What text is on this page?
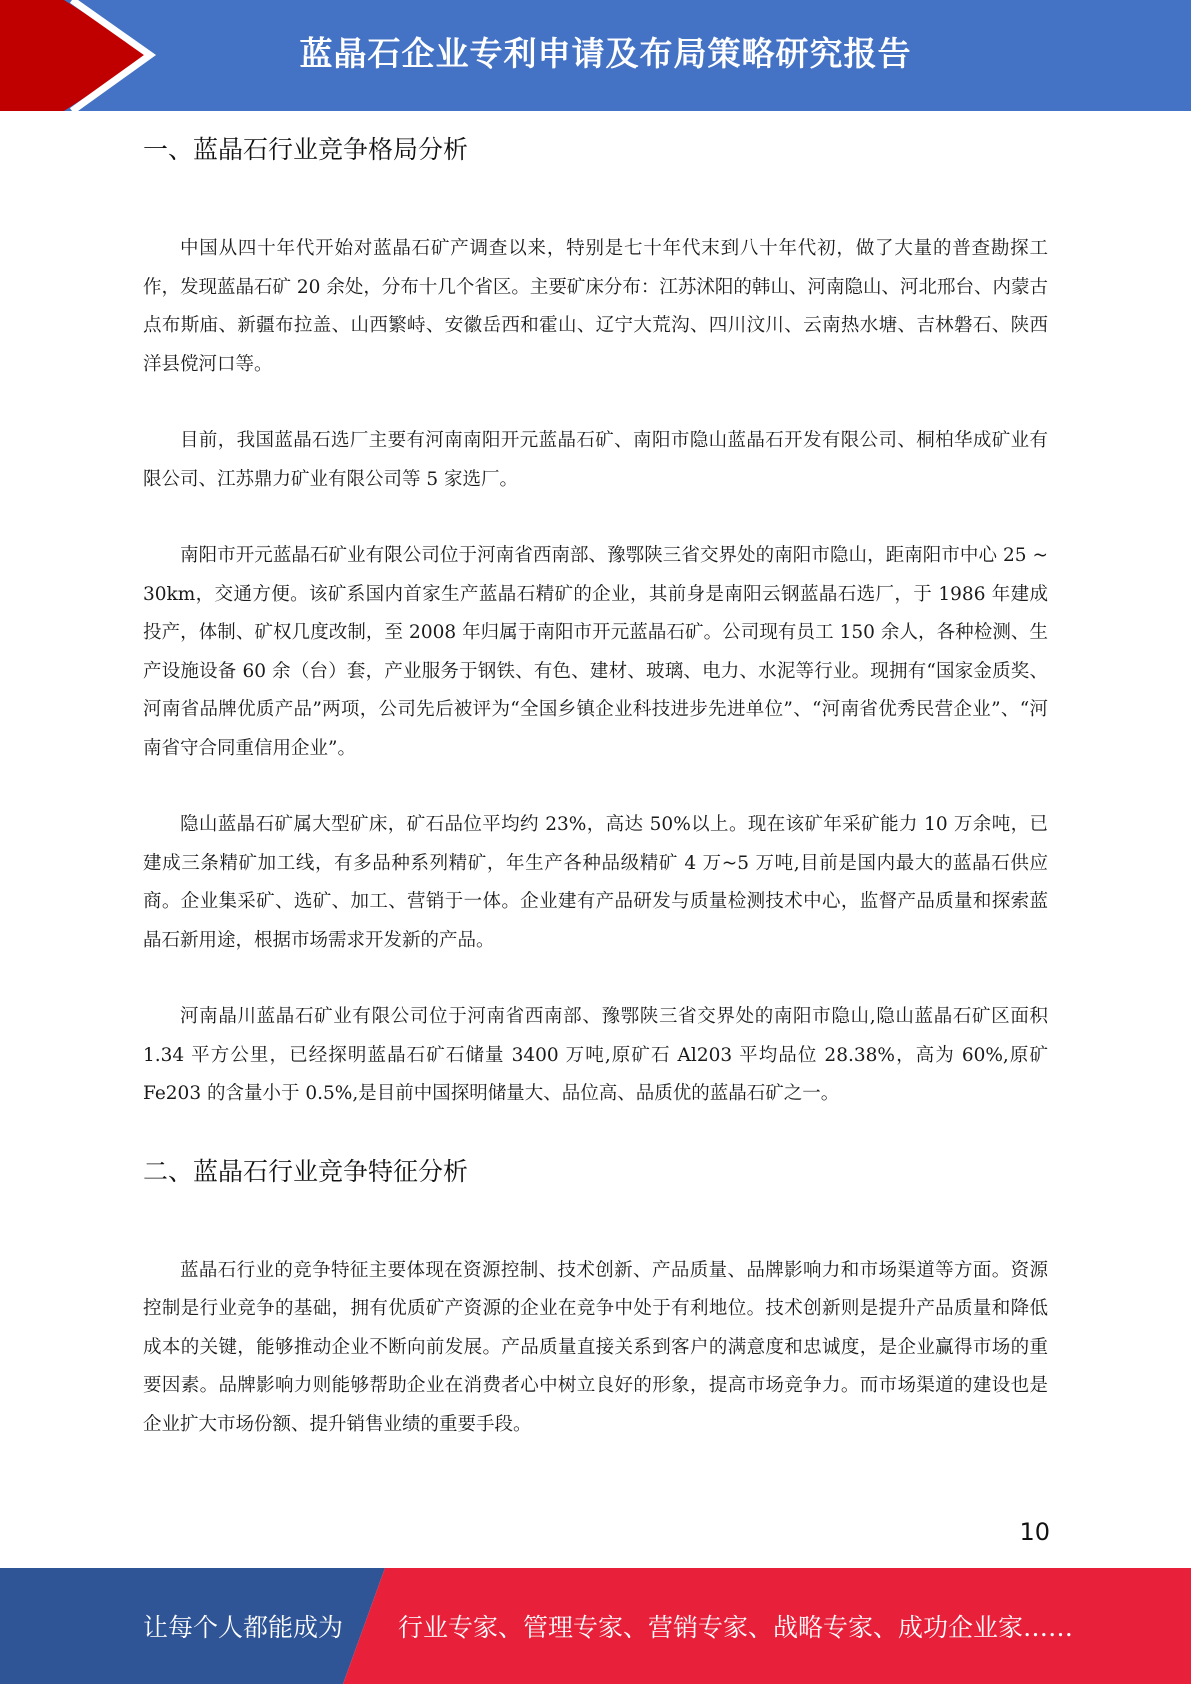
蓝晶石企业专利申请及布局策略研究报告
一、蓝晶石行业竞争格局分析

中国从四十年代开始对蓝晶石矿产调查以来，特别是七十年代末到八十年代初，做了大量的普查勘探工作，发现蓝晶石矿 20 余处，分布十几个省区。主要矿床分布：江苏沭阳的韩山、河南隐山、河北邢台、内蒙古点布斯庙、新疆布拉盖、山西繁峙、安徽岳西和霍山、辽宁大荒沟、四川汶川、云南热水塘、吉林磐石、陕西洋县傥河口等。

目前，我国蓝晶石选厂主要有河南南阳开元蓝晶石矿、南阳市隐山蓝晶石开发有限公司、桐柏华成矿业有限公司、江苏鼎力矿业有限公司等 5 家选厂。

南阳市开元蓝晶石矿业有限公司位于河南省西南部、豫鄂陕三省交界处的南阳市隐山，距南阳市中心 25 ~ 30km，交通方便。该矿系国内首家生产蓝晶石精矿的企业，其前身是南阳云钢蓝晶石选厂，于 1986 年建成投产，体制、矿权几度改制，至 2008 年归属于南阳市开元蓝晶石矿。公司现有员工 150 余人，各种检测、生产设施设备 60 余（台）套，产业服务于钢铁、有色、建材、玻璃、电力、水泥等行业。现拥有“国家金质奖、河南省品牌优质产品”两项，公司先后被评为“全国乡镇企业科技进步先进单位”、“河南省优秀民营企业”、“河南省守合同重信用企业”。

隐山蓝晶石矿属大型矿床，矿石品位平均约 23%，高达 50%以上。现在该矿年采矿能力 10 万余吨，已建成三条精矿加工线，有多品种系列精矿，年生产各种品级精矿 4 万~5 万吨,目前是国内最大的蓝晶石供应商。企业集采矿、选矿、加工、营销于一体。企业建有产品研发与质量检测技术中心，监督产品质量和探索蓝晶石新用途，根据市场需求开发新的产品。

河南晶川蓝晶石矿业有限公司位于河南省西南部、豫鄂陕三省交界处的南阳市隐山,隐山蓝晶石矿区面积 1.34 平方公里，已经探明蓝晶石矿石储量 3400 万吨,原矿石 Al203 平均品位 28.38%，高为 60%,原矿 Fe203 的含量小于 0.5%,是目前中国探明储量大、品位高、品质优的蓝晶石矿之一。

二、蓝晶石行业竞争特征分析

蓝晶石行业的竞争特征主要体现在资源控制、技术创新、产品质量、品牌影响力和市场渠道等方面。资源控制是行业竞争的基础，拥有优质矿产资源的企业在竞争中处于有利地位。技术创新则是提升产品质量和降低成本的关键，能够推动企业不断向前发展。产品质量直接关系到客户的满意度和忠诚度，是企业赢得市场的重要因素。品牌影响力则能够帮助企业在消费者心中树立良好的形象，提高市场竞争力。而市场渠道的建设也是企业扩大市场份额、提升销售业绩的重要手段。

10
让每个人都能成为 行业专家、管理专家、营销专家、战略专家、成功企业家……
